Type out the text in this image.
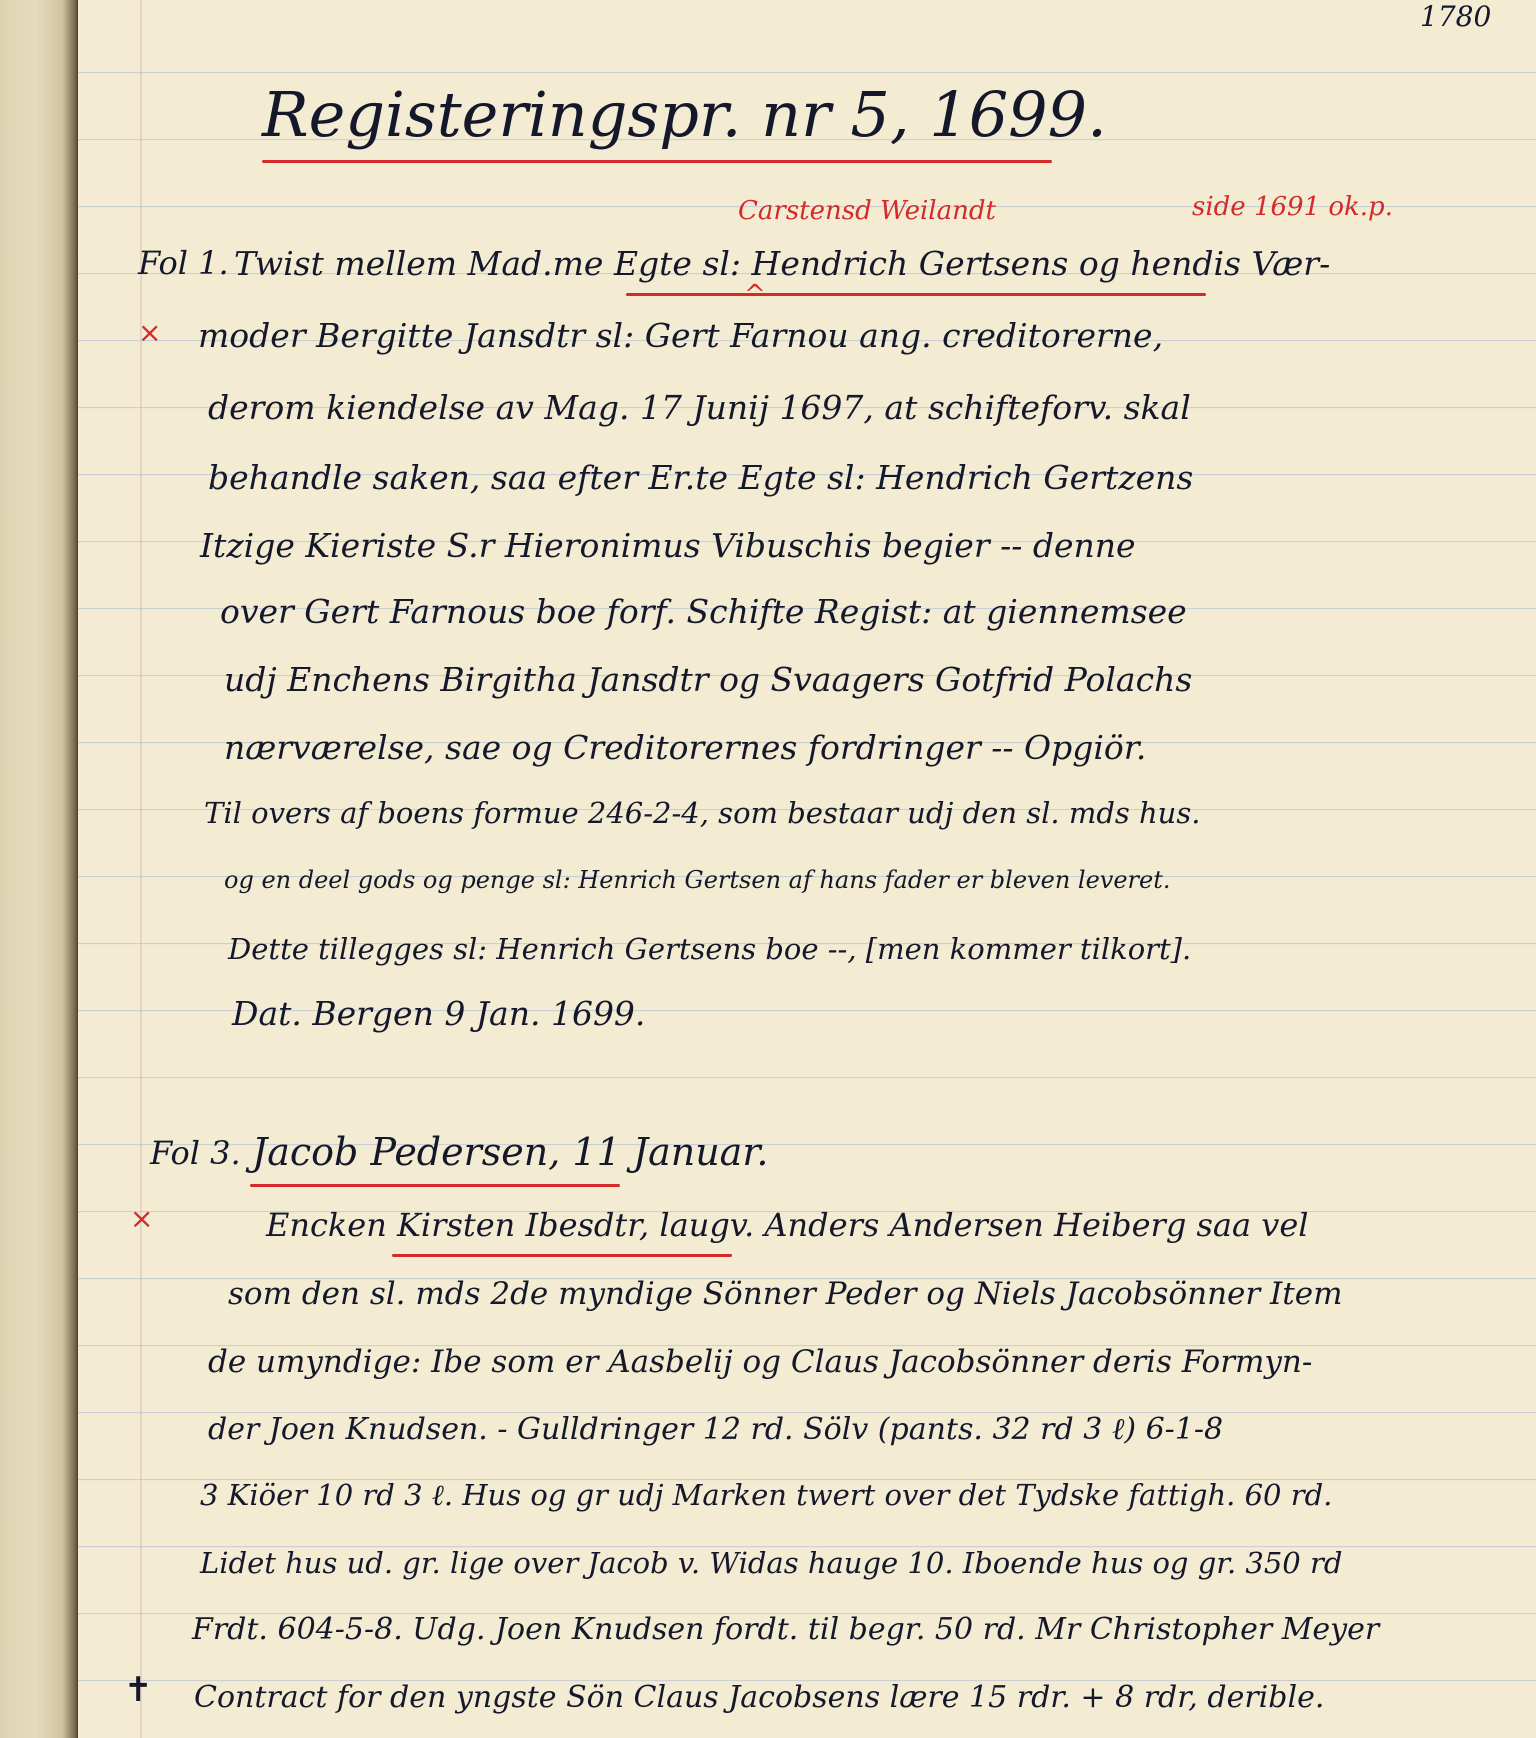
1780
Registeringspr. nr 5, 1699.
Carstensd Weilandt	side 1691 ok.p.
Fol 1.
×
Twist mellem Mad.me Egte sl: Hendrich Gertsens og hendis Vær-
^
moder Bergitte Jansdtr sl: Gert Farnou ang. creditorerne,
derom kiendelse av Mag. 17 Junij 1697, at schifteforv. skal
behandle saken, saa efter Er.te Egte sl: Hendrich Gertzens
Itzige Kieriste S.r Hieronimus Vibuschis begier -- denne
over Gert Farnous boe forf. Schifte Regist: at giennemsee
udj Enchens Birgitha Jansdtr og Svaagers Gotfrid Polachs
nærværelse, sae og Creditorernes fordringer -- Opgiör.
Til overs af boens formue 246-2-4, som bestaar udj den sl. mds hus.
og en deel gods og penge sl: Henrich Gertsen af hans fader er bleven leveret.
Dette tillegges sl: Henrich Gertsens boe --, [men kommer tilkort].
Dat. Bergen 9 Jan. 1699.
Fol 3. Jacob Pedersen, 11 Januar.
×	Encken Kirsten Ibesdtr, laugv. Anders Andersen Heiberg saa vel
som den sl. mds 2de myndige Sönner Peder og Niels Jacobsönner Item
de umyndige: Ibe som er Aasbelij og Claus Jacobsönner deris Formyn-
der Joen Knudsen. - Gulldringer 12 rd. Sölv (pants. 32 rd 3 ℓ) 6-1-8
3 Kiöer 10 rd 3 ℓ. Hus og gr udj Marken twert over det Tydske fattigh. 60 rd.
Lidet hus ud. gr. lige over Jacob v. Widas hauge 10. Iboende hus og gr. 350 rd
Frdt. 604-5-8. Udg. Joen Knudsen fordt. til begr. 50 rd. Mr Christopher Meyer
✝ Contract for den yngste Sön Claus Jacobsens lære 15 rdr. + 8 rdr, derible.
